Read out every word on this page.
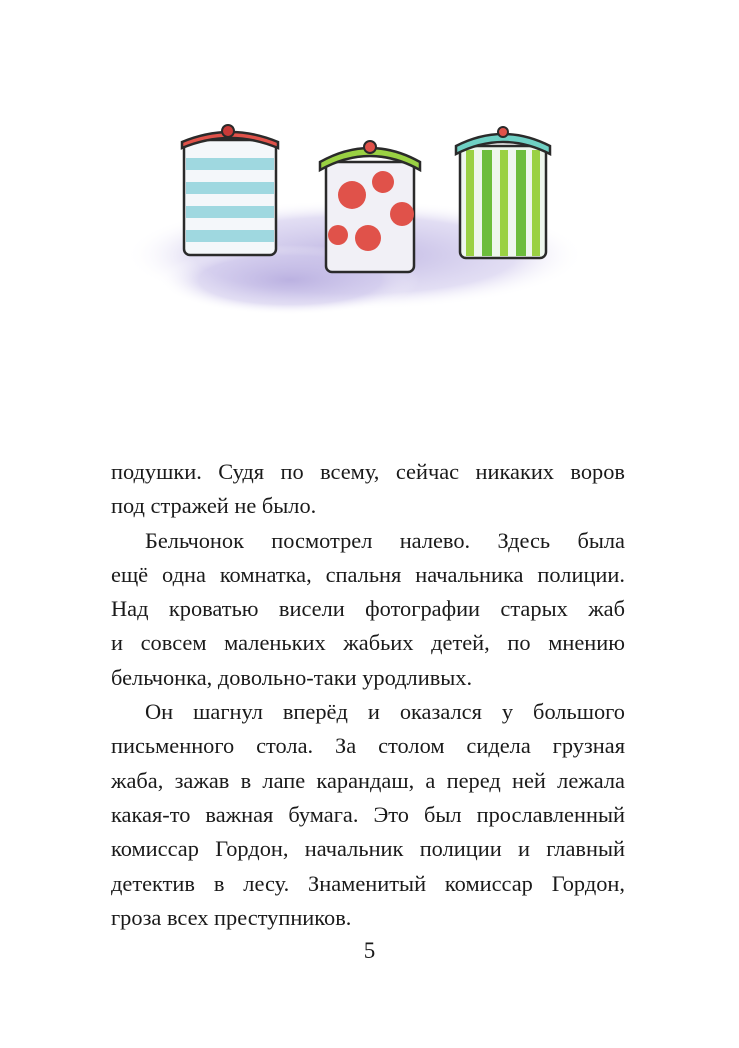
подушки. Судя по всему, сейчас никаких воров

под стражей не было.

Бельчонок посмотрел налево. Здесь была

ещё одна комнатка, спальня начальника полиции.

Над кроватью висели фотографии старых жаб

и совсем маленьких жабьих детей, по мнению

бельчонка, довольно-таки уродливых.

Он шагнул вперёд и оказался у большого

письменного стола. За столом сидела грузная

жаба, зажав в лапе карандаш, а перед ней лежала

какая-то важная бумага. Это был прославленный

комиссар Гордон, начальник полиции и главный

детектив в лесу. Знаменитый комиссар Гордон,

гроза всех преступников.

5
